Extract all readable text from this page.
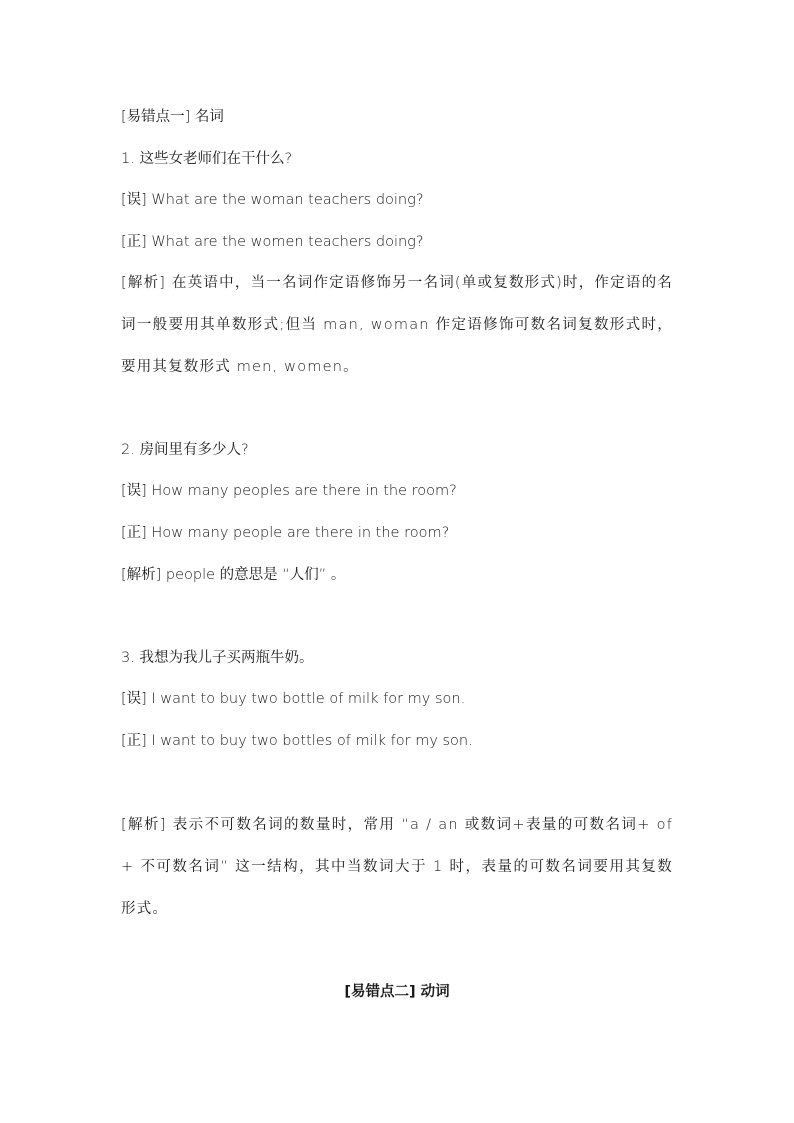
[易错点一] 名词
1. 这些女老师们在干什么?
[误] What are the woman teachers doing?
[正] What are the women teachers doing?
[解析] 在英语中，当一名词作定语修饰另一名词(单或复数形式)时，作定语的名词一般要用其单数形式;但当 man, woman 作定语修饰可数名词复数形式时，要用其复数形式 men, women。
2. 房间里有多少人?
[误] How many peoples are there in the room?
[正] How many people are there in the room?
[解析] people 的意思是 “人们” 。
3. 我想为我儿子买两瓶牛奶。
[误] I want to buy two bottle of milk for my son.
[正] I want to buy two bottles of milk for my son.
[解析] 表示不可数名词的数量时，常用 “a / an 或数词+表量的可数名词+ of + 不可数名词” 这一结构，其中当数词大于 1 时，表量的可数名词要用其复数形式。
[易错点二] 动词
